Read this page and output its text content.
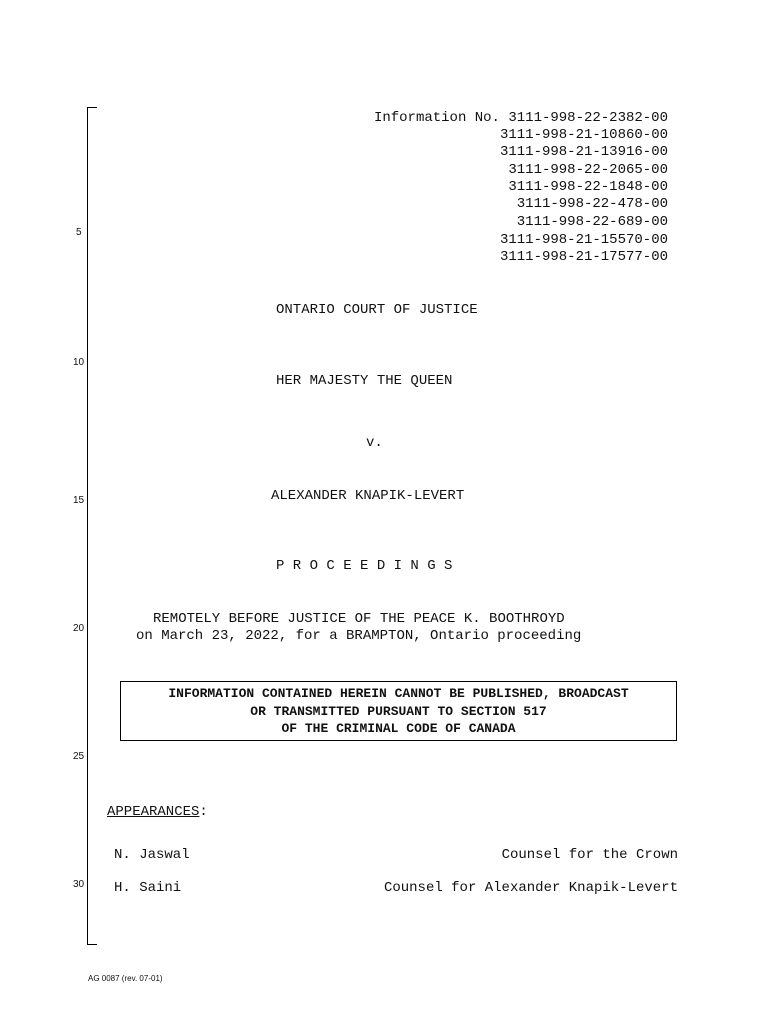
5
10
15
20
25
30
Information No. 3111-998-22-2382-00
3111-998-21-10860-00
3111-998-21-13916-00
3111-998-22-2065-00
3111-998-22-1848-00
3111-998-22-478-00
3111-998-22-689-00
3111-998-21-15570-00
3111-998-21-17577-00
ONTARIO COURT OF JUSTICE
HER MAJESTY THE QUEEN
v.
ALEXANDER KNAPIK-LEVERT
P R O C E E D I N G S
REMOTELY BEFORE JUSTICE OF THE PEACE K. BOOTHROYD
on March 23, 2022, for a BRAMPTON, Ontario proceeding
INFORMATION CONTAINED HEREIN CANNOT BE PUBLISHED, BROADCAST
OR TRANSMITTED PURSUANT TO SECTION 517
OF THE CRIMINAL CODE OF CANADA
APPEARANCES:
N. Jaswal	Counsel for the Crown
H. Saini	Counsel for Alexander Knapik-Levert
AG 0087 (rev. 07-01)
